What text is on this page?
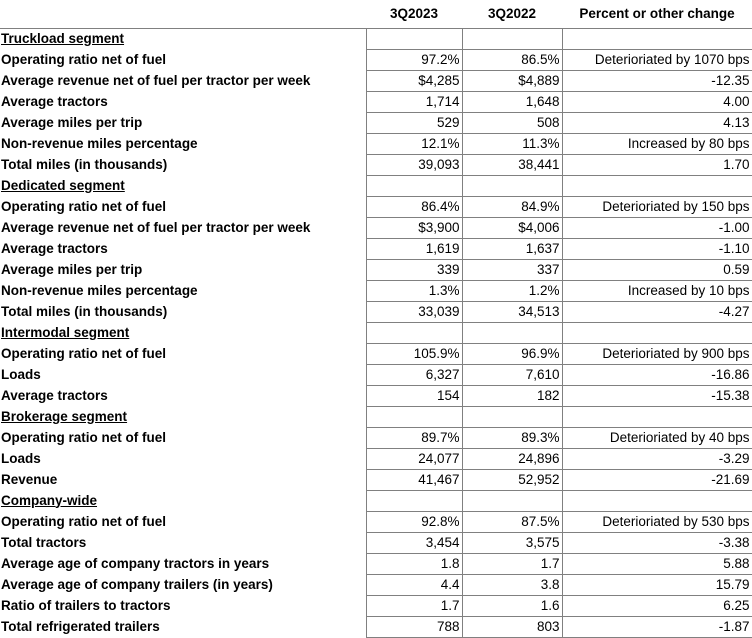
	3Q2023	3Q2022	Percent or other change
Truckload segment			
Operating ratio net of fuel	97.2%	86.5%	Deterioriated by 1070 bps
Average revenue net of fuel per tractor per week	$4,285	$4,889	-12.35
Average tractors	1,714	1,648	4.00
Average miles per trip	529	508	4.13
Non-revenue miles percentage	12.1%	11.3%	Increased by 80 bps
Total miles (in thousands)	39,093	38,441	1.70
Dedicated segment			
Operating ratio net of fuel	86.4%	84.9%	Deterioriated by 150 bps
Average revenue net of fuel per tractor per week	$3,900	$4,006	-1.00
Average tractors	1,619	1,637	-1.10
Average miles per trip	339	337	0.59
Non-revenue miles percentage	1.3%	1.2%	Increased by 10 bps
Total miles (in thousands)	33,039	34,513	-4.27
Intermodal segment			
Operating ratio net of fuel	105.9%	96.9%	Deterioriated by 900 bps
Loads	6,327	7,610	-16.86
Average tractors	154	182	-15.38
Brokerage segment			
Operating ratio net of fuel	89.7%	89.3%	Deterioriated by 40 bps
Loads	24,077	24,896	-3.29
Revenue	41,467	52,952	-21.69
Company-wide			
Operating ratio net of fuel	92.8%	87.5%	Deterioriated by 530 bps
Total tractors	3,454	3,575	-3.38
Average age of company tractors in years	1.8	1.7	5.88
Average age of company trailers (in years)	4.4	3.8	15.79
Ratio of trailers to tractors	1.7	1.6	6.25
Total refrigerated trailers	788	803	-1.87
